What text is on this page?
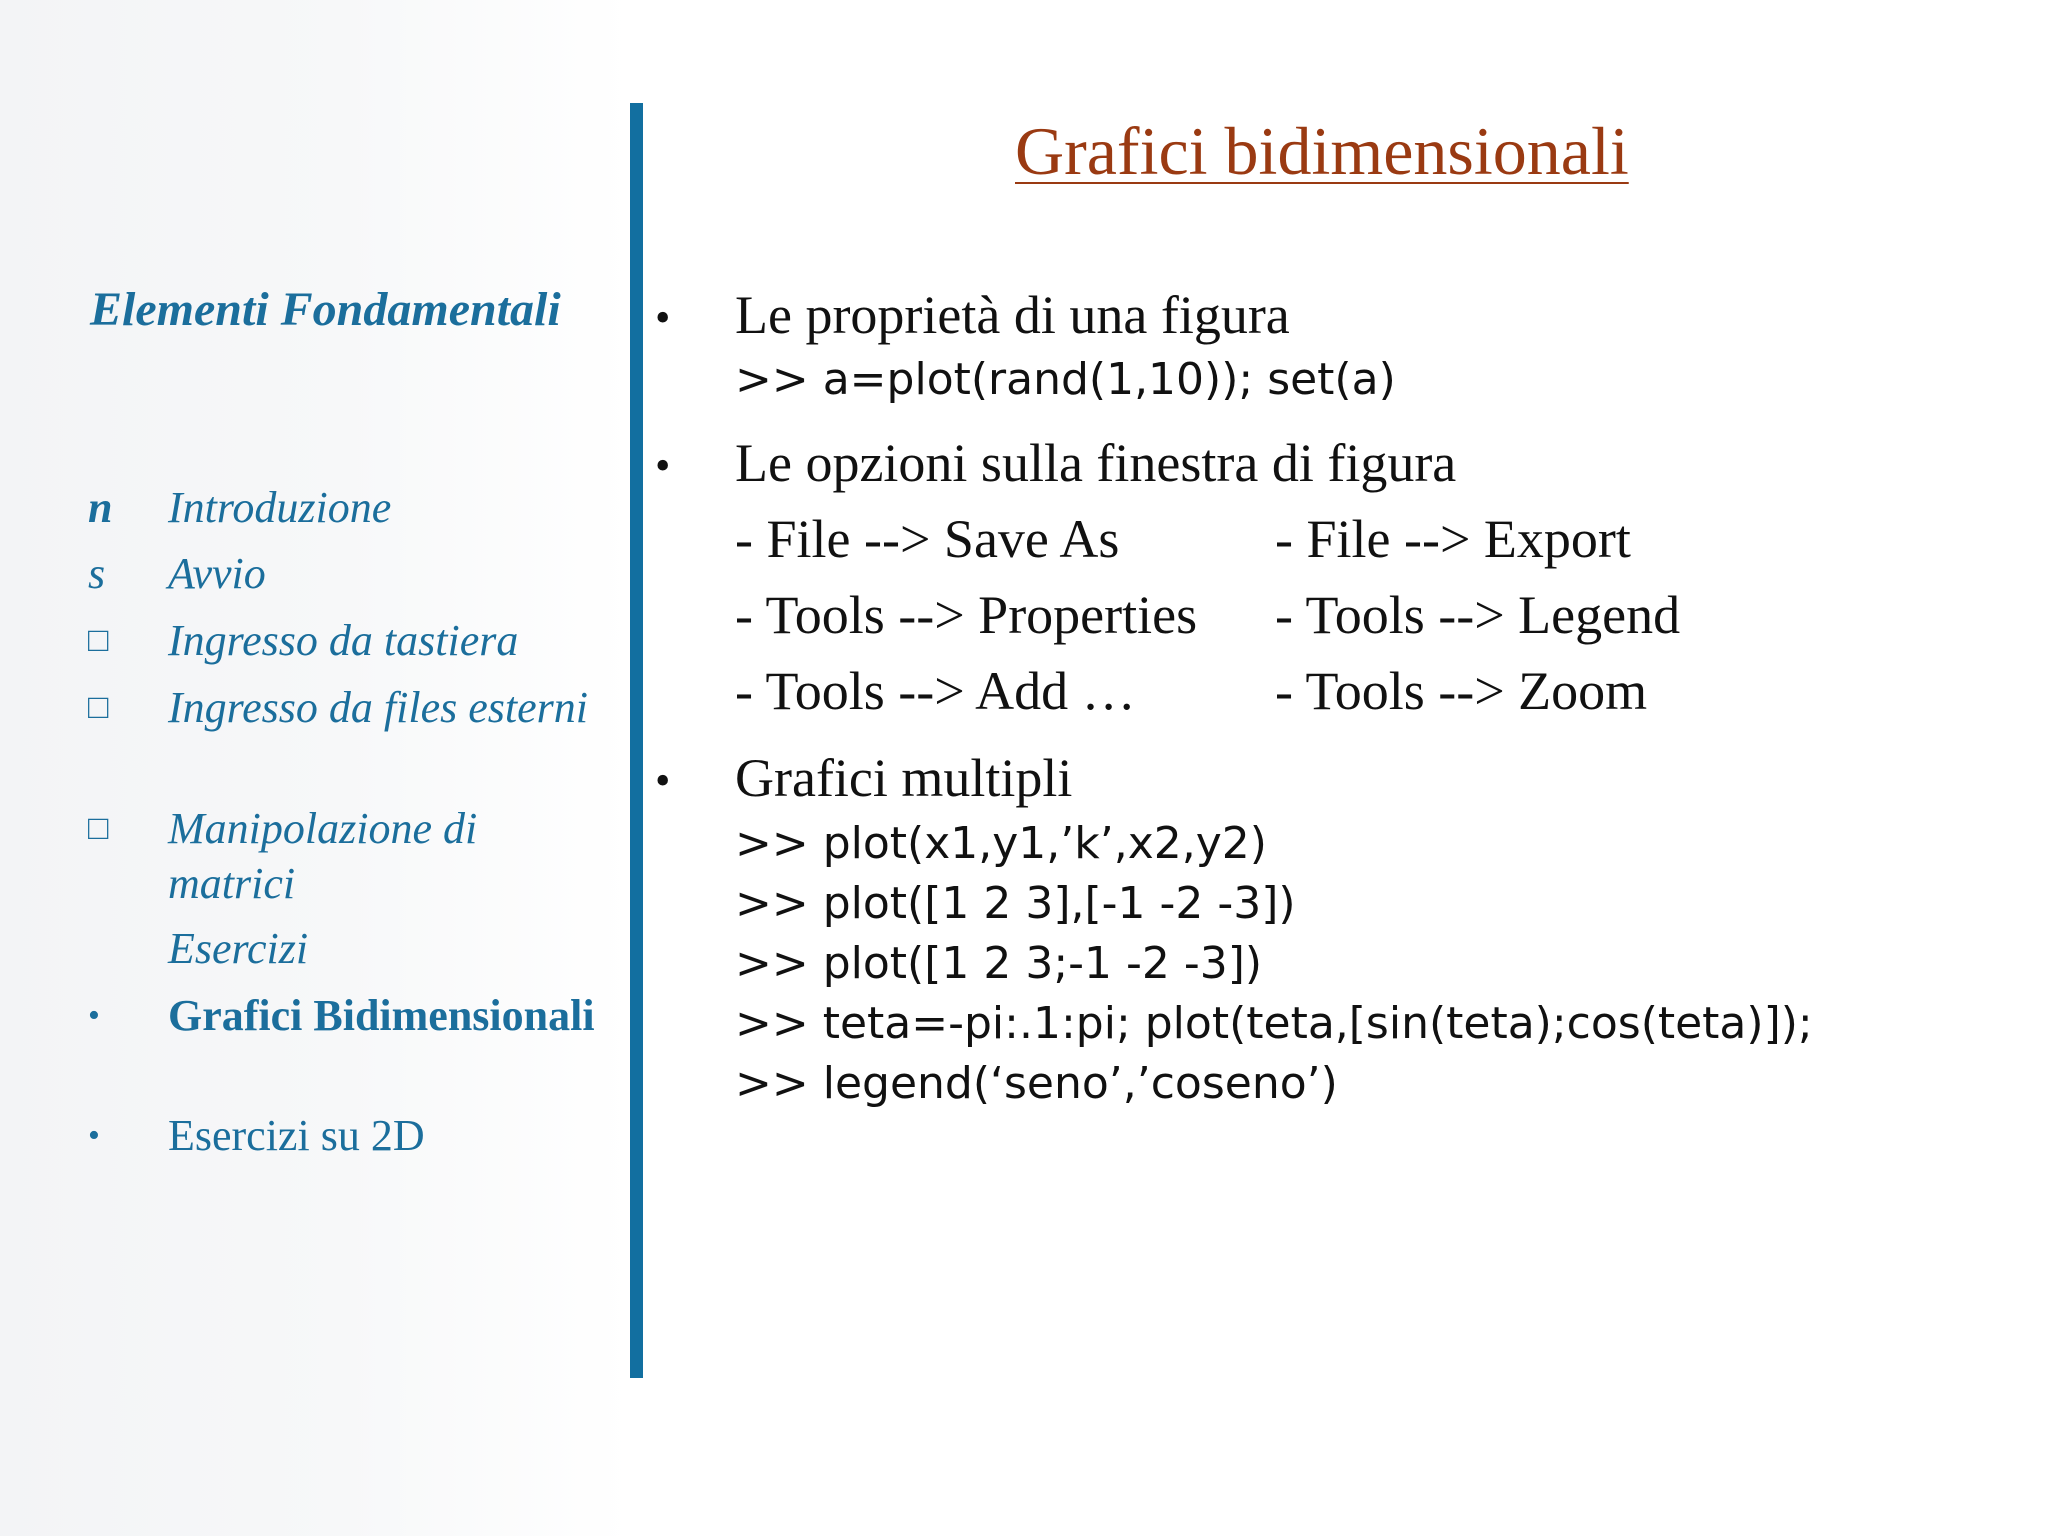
Elementi Fondamentali
n	Introduzione
s	Avvio
□	Ingresso da tastiera
□	Ingresso da files esterni
□	Manipolazione di matrici
Esercizi
•	Grafici Bidimensionali
•	Esercizi su 2D
Grafici bidimensionali
• Le proprietà di una figura
>> a=plot(rand(1,10)); set(a)
• Le opzioni sulla finestra di figura
- File --> Save As	- File --> Export
- Tools --> Properties - Tools --> Legend
- Tools --> Add …	- Tools --> Zoom
• Grafici multipli
>> plot(x1,y1,’k’,x2,y2)
>> plot([1 2 3],[-1 -2 -3])
>> plot([1 2 3;-1 -2 -3])
>> teta=-pi:.1:pi; plot(teta,[sin(teta);cos(teta)]);
>> legend(‘seno’,’coseno’)
